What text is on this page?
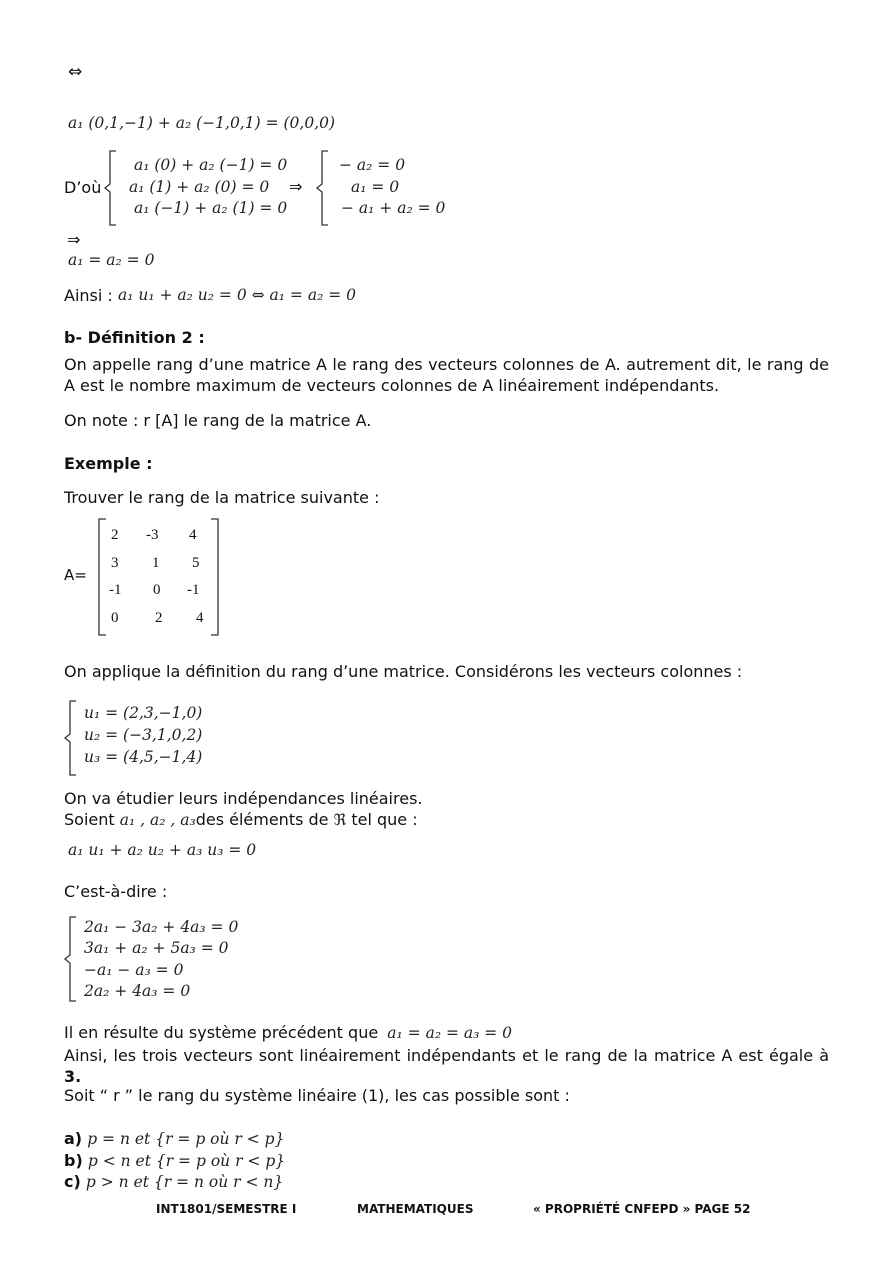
⇔
a₁ (0,1,−1) + a₂ (−1,0,1) = (0,0,0)
D’où
a₁ (0) + a₂ (−1) = 0
a₁ (1) + a₂ (0) = 0
a₁ (−1) + a₂ (1) = 0
⇒
− a₂ = 0
a₁ = 0
− a₁ + a₂ = 0
⇒
a₁ = a₂ = 0
Ainsi : a₁ u₁ + a₂ u₂ = 0 ⇔ a₁ = a₂ = 0
b- Définition 2 :
On appelle rang d’une matrice A le rang des vecteurs colonnes de A. autrement dit, le rang de A est le nombre maximum de vecteurs colonnes de A linéairement indépendants.
On note : r [A] le rang de la matrice A.
Exemple :
Trouver le rang de la matrice suivante :
A=
2 -3 4
3 1 5
-1 0 -1
0 2 4
On applique la définition du rang d’une matrice. Considérons les vecteurs colonnes :
u₁ = (2,3,−1,0)
u₂ = (−3,1,0,2)
u₃ = (4,5,−1,4)
On va étudier leurs indépendances linéaires.
Soient a₁ , a₂ , a₃des éléments de ℜ tel que :
a₁ u₁ + a₂ u₂ + a₃ u₃ = 0
C’est-à-dire :
2a₁ − 3a₂ + 4a₃ = 0
3a₁ + a₂ + 5a₃ = 0
−a₁ − a₃ = 0
2a₂ + 4a₃ = 0
Il en résulte du système précédent que a₁ = a₂ = a₃ = 0
Ainsi, les trois vecteurs sont linéairement indépendants et le rang de la matrice A est égale à 3.
Soit “ r ” le rang du système linéaire (1), les cas possible sont :
a) p = n et {r = p où r < p}
b) p < n et {r = p où r < p}
c) p > n et {r = n où r < n}
INT1801/SEMESTRE I	MATHEMATIQUES	« PROPRIÉTÉ CNFEPD » PAGE 52
